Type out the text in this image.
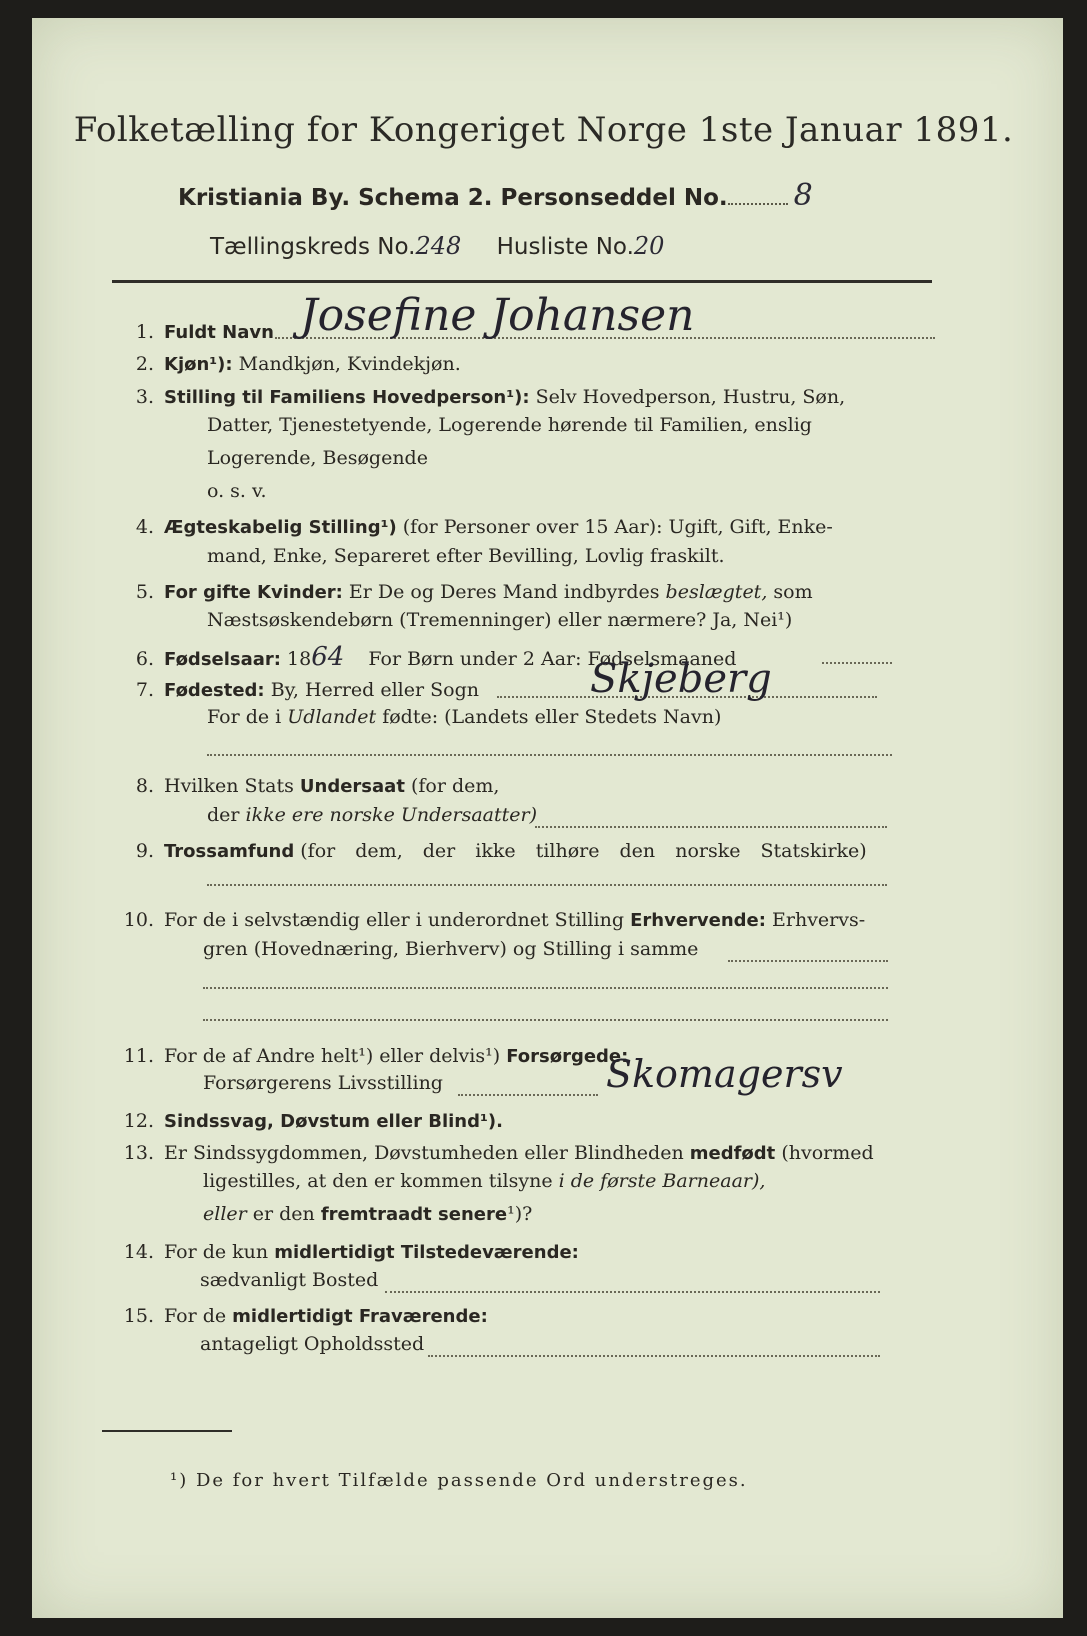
Folketælling for Kongeriget Norge 1ste Januar 1891.
Kristiania By. Schema 2. Personseddel No. 8
Tællingskreds No.248 Husliste No.20
1. Fuldt Navn Josefine Johansen
2. Kjøn¹): Mandkjøn, Kvindekjøn.
3. Stilling til Familiens Hovedperson¹): Selv Hovedperson, Hustru, Søn,
Datter, Tjenestetyende, Logerende hørende til Familien, enslig
Logerende, Besøgende
o. s. v.
4. Ægteskabelig Stilling¹) (for Personer over 15 Aar): Ugift, Gift, Enke-
mand, Enke, Separeret efter Bevilling, Lovlig fraskilt.
5. For gifte Kvinder: Er De og Deres Mand indbyrdes beslægtet, som
Næstsøskendebørn (Tremenninger) eller nærmere? Ja, Nei¹)
6. Fødselsaar: 1864 For Børn under 2 Aar: Fødselsmaaned
7. Fødested: By, Herred eller Sogn	Skjeberg
For de i Udlandet fødte: (Landets eller Stedets Navn)
8. Hvilken Stats Undersaat (for dem,
der ikke ere norske Undersaatter)
9. Trossamfund (for dem, der ikke tilhøre den norske Statskirke)
10. For de i selvstændig eller i underordnet Stilling Erhvervende: Erhvervs-
gren (Hovednæring, Bierhverv) og Stilling i samme
11. For de af Andre helt¹) eller delvis¹) Forsørgede:
Forsørgerens Livsstilling	Skomagersv
12. Sindssvag, Døvstum eller Blind¹).
13. Er Sindssygdommen, Døvstumheden eller Blindheden medfødt (hvormed
ligestilles, at den er kommen tilsyne i de første Barneaar),
eller er den fremtraadt senere¹)?
14. For de kun midlertidigt Tilstedeværende:
sædvanligt Bosted
15. For de midlertidigt Fraværende:
antageligt Opholdssted
¹) De for hvert Tilfælde passende Ord understreges.
